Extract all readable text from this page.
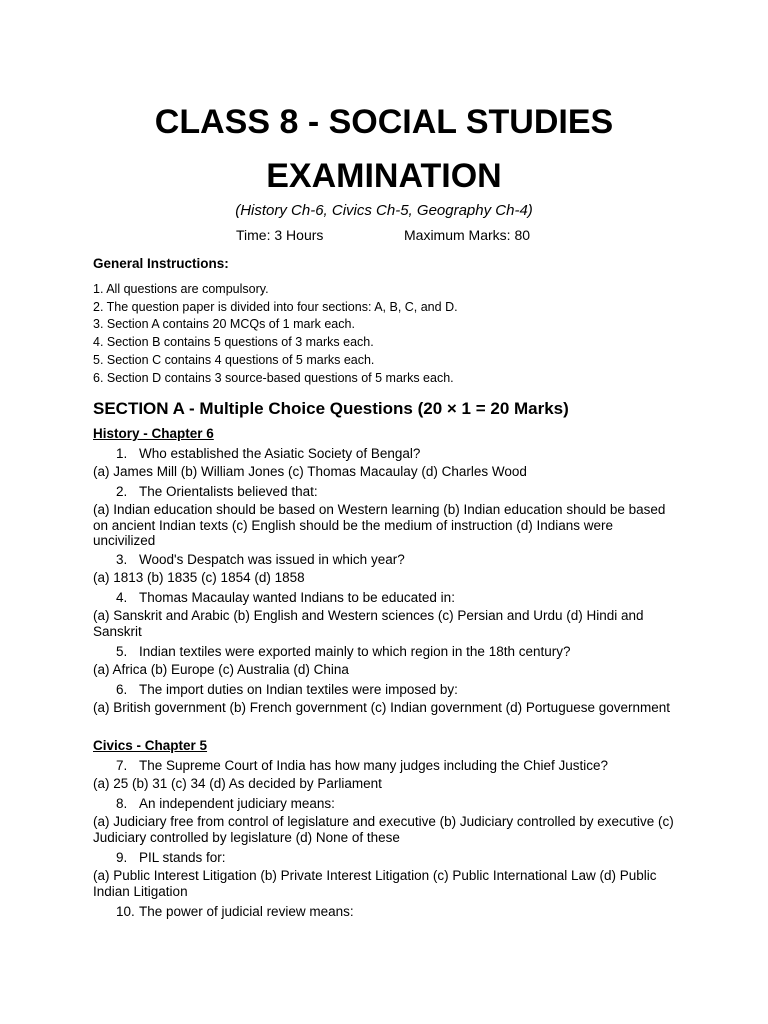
CLASS 8 - SOCIAL STUDIES
EXAMINATION
(History Ch-6, Civics Ch-5, Geography Ch-4)
Time: 3 Hours	Maximum Marks: 80
General Instructions:
1. All questions are compulsory.
2. The question paper is divided into four sections: A, B, C, and D.
3. Section A contains 20 MCQs of 1 mark each.
4. Section B contains 5 questions of 3 marks each.
5. Section C contains 4 questions of 5 marks each.
6. Section D contains 3 source-based questions of 5 marks each.
SECTION A - Multiple Choice Questions (20 × 1 = 20 Marks)
History - Chapter 6
1. Who established the Asiatic Society of Bengal?
(a) James Mill (b) William Jones (c) Thomas Macaulay (d) Charles Wood
2. The Orientalists believed that:
(a) Indian education should be based on Western learning (b) Indian education should be based on ancient Indian texts (c) English should be the medium of instruction (d) Indians were uncivilized
3. Wood's Despatch was issued in which year?
(a) 1813 (b) 1835 (c) 1854 (d) 1858
4. Thomas Macaulay wanted Indians to be educated in:
(a) Sanskrit and Arabic (b) English and Western sciences (c) Persian and Urdu (d) Hindi and Sanskrit
5. Indian textiles were exported mainly to which region in the 18th century?
(a) Africa (b) Europe (c) Australia (d) China
6. The import duties on Indian textiles were imposed by:
(a) British government (b) French government (c) Indian government (d) Portuguese government
Civics - Chapter 5
7. The Supreme Court of India has how many judges including the Chief Justice?
(a) 25 (b) 31 (c) 34 (d) As decided by Parliament
8. An independent judiciary means:
(a) Judiciary free from control of legislature and executive (b) Judiciary controlled by executive (c) Judiciary controlled by legislature (d) None of these
9. PIL stands for:
(a) Public Interest Litigation (b) Private Interest Litigation (c) Public International Law (d) Public Indian Litigation
10. The power of judicial review means:
